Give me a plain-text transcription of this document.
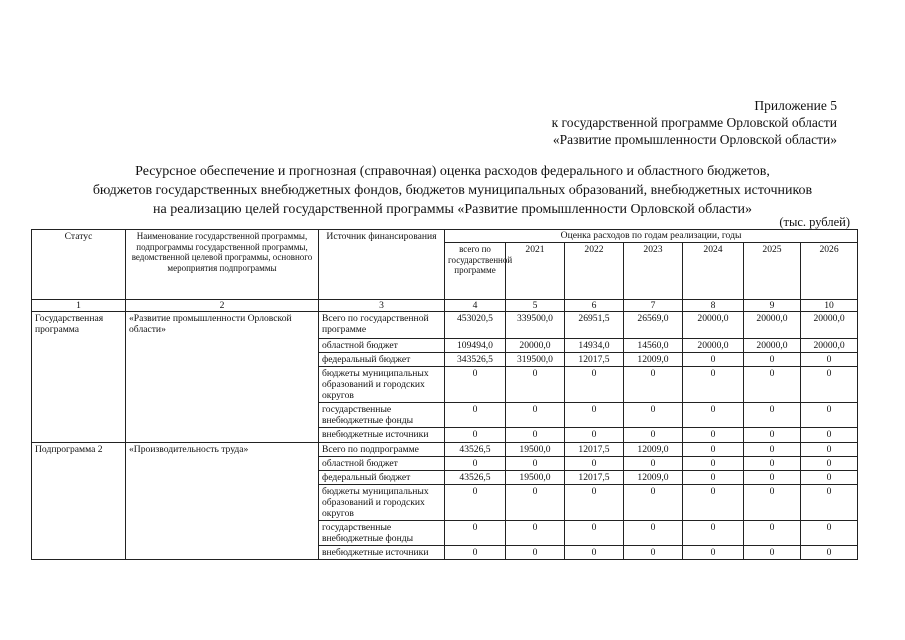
Приложение 5
к государственной программе Орловской области
«Развитие промышленности Орловской области»
Ресурсное обеспечение и прогнозная (справочная) оценка расходов федерального и областного бюджетов,
бюджетов государственных внебюджетных фондов, бюджетов муниципальных образований, внебюджетных источников
на реализацию целей государственной программы «Развитие промышленности Орловской области»
(тыс. рублей)
Статус	Наименование государственной программы, подпрограммы государственной программы, ведомственной целевой программы, основного мероприятия подпрограммы	Источник финансирования	Оценка расходов по годам реализации, годы						
			всего по государственной программе	2021	2022	2023	2024	2025	2026
1	2	3	4	5	6	7	8	9	10
Государственная программа	«Развитие промышленности Орловской области»	Всего по государственной программе	453020,5	339500,0	26951,5	26569,0	20000,0	20000,0	20000,0
		областной бюджет	109494,0	20000,0	14934,0	14560,0	20000,0	20000,0	20000,0
		федеральный бюджет	343526,5	319500,0	12017,5	12009,0	0	0	0
		бюджеты муниципальных образований и городских округов	0	0	0	0	0	0	0
		государственные внебюджетные фонды	0	0	0	0	0	0	0
		внебюджетные источники	0	0	0	0	0	0	0
Подпрограмма 2	«Производительность труда»	Всего по подпрограмме	43526,5	19500,0	12017,5	12009,0	0	0	0
		областной бюджет	0	0	0	0	0	0	0
		федеральный бюджет	43526,5	19500,0	12017,5	12009,0	0	0	0
		бюджеты муниципальных образований и городских округов	0	0	0	0	0	0	0
		государственные внебюджетные фонды	0	0	0	0	0	0	0
		внебюджетные источники	0	0	0	0	0	0	0
